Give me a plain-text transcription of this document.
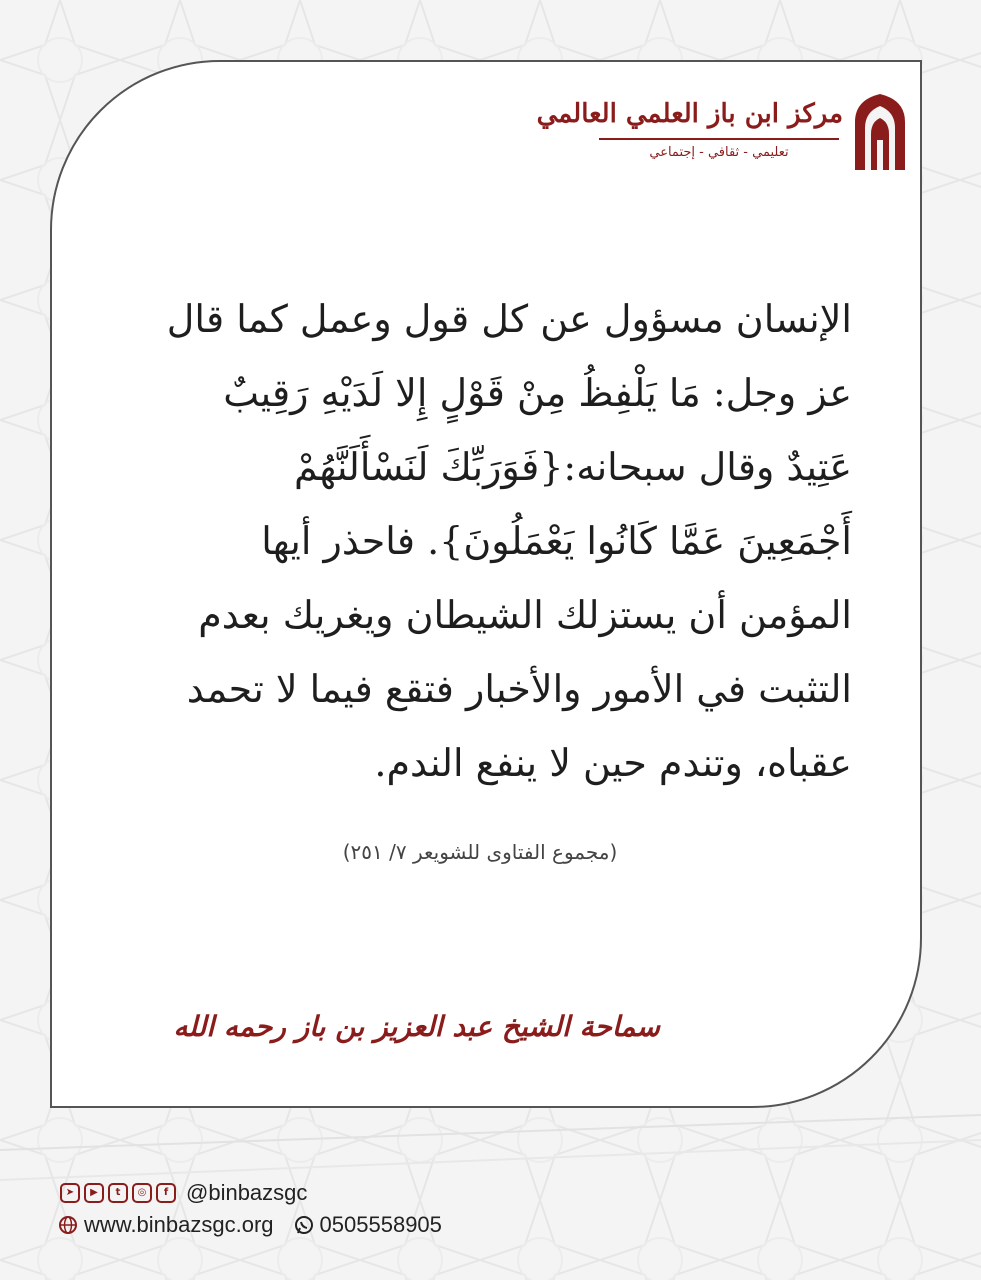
مركز ابن باز العلمي العالمي
تعليمي - ثقافي - إجتماعي
الإنسان مسؤول عن كل قول وعمل كما قال
عز وجل: مَا يَلْفِظُ مِنْ قَوْلٍ إِلا لَدَيْهِ رَقِيبٌ
عَتِيدٌ وقال سبحانه:{فَوَرَبِّكَ لَنَسْأَلَنَّهُمْ
أَجْمَعِينَ عَمَّا كَانُوا يَعْمَلُونَ}. فاحذر أيها
المؤمن أن يستزلك الشيطان ويغريك بعدم
التثبت في الأمور والأخبار فتقع فيما لا تحمد
عقباه، وتندم حين لا ينفع الندم.
(مجموع الفتاوى للشويعر ٧/ ٢٥١)
سماحة الشيخ عبد العزيز بن باز رحمه الله
➤	▶	t	◎	f @binbazsgc
www.binbazsgc.org 0505558905
